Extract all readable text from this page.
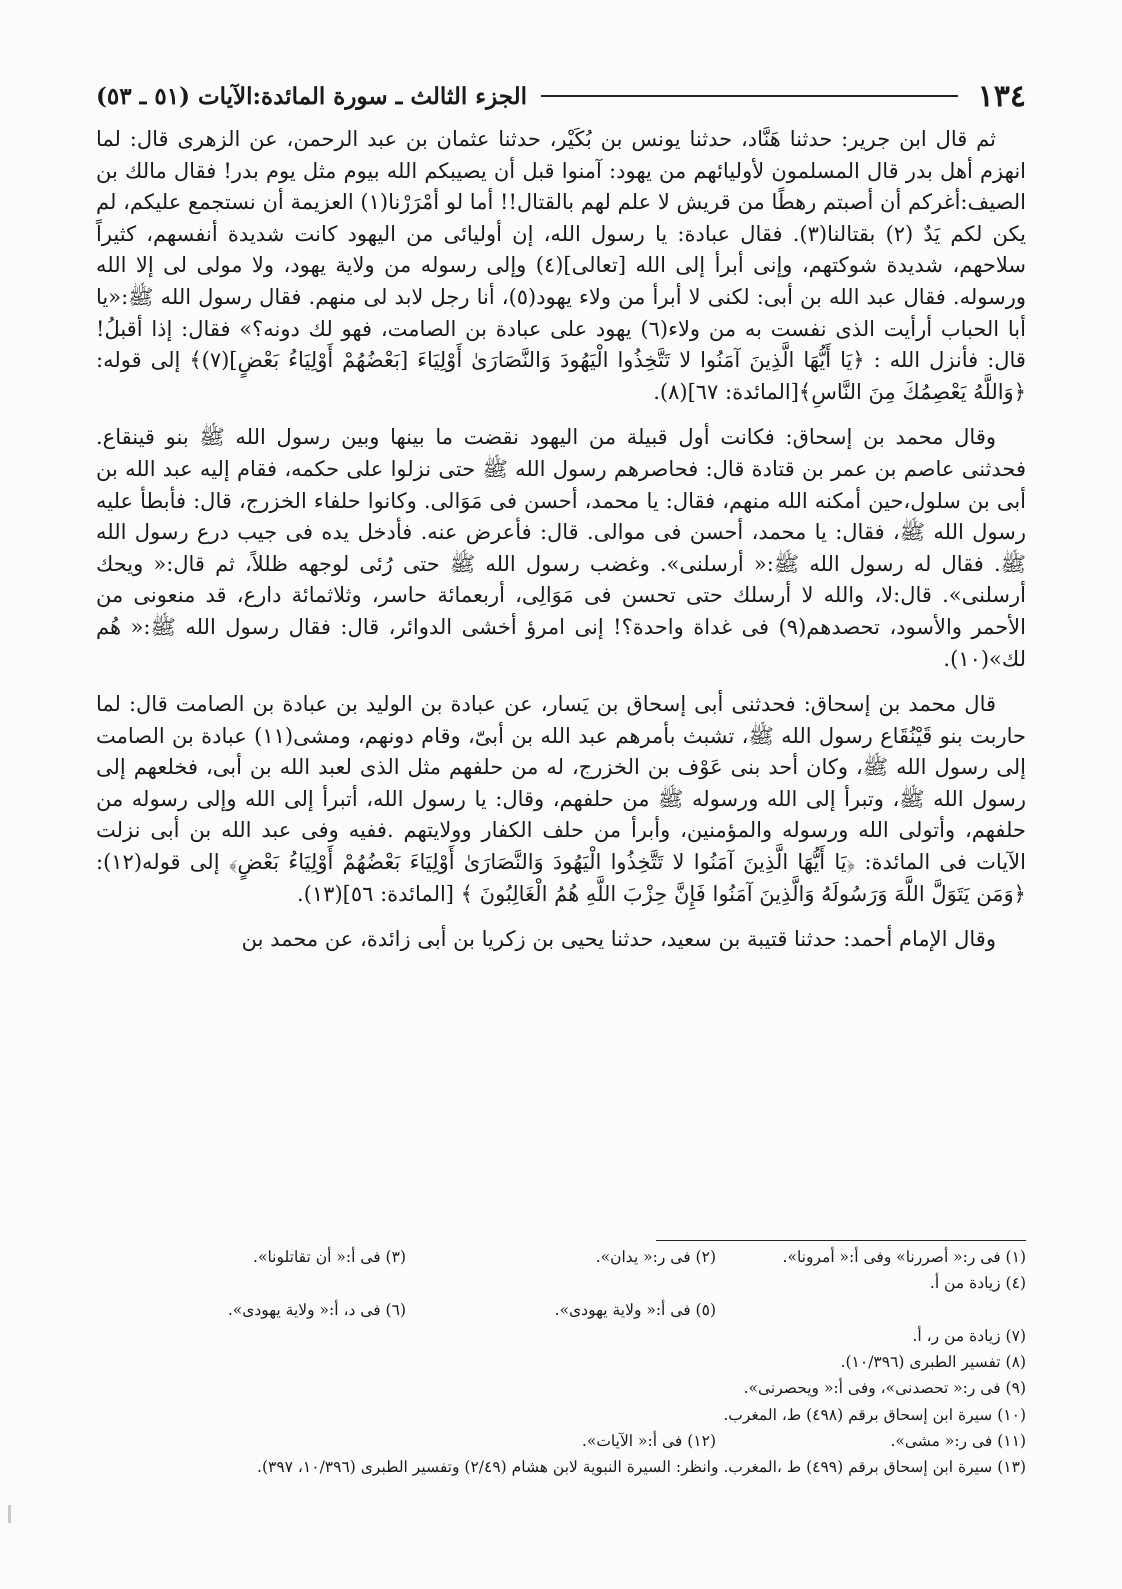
١٣٤
الجزء الثالث ـ سورة المائدة:الآيات (٥١ ـ ٥٣)

ثم قال ابن جرير: حدثنا هَنَّاد، حدثنا يونس بن بُكَيْر، حدثنا عثمان بن عبد الرحمن، عن الزهرى قال: لما انهزم أهل بدر قال المسلمون لأوليائهم من يهود: آمنوا قبل أن يصيبكم الله بيوم مثل يوم بدر! فقال مالك بن الصيف:أغركم أن أصبتم رهطًا من قريش لا علم لهم بالقتال!! أما لو أمْرَرْنا(١) العزيمة أن نستجمع عليكم، لم يكن لكم يَدٌ (٢) بقتالنا(٣). فقال عبادة: يا رسول الله، إن أوليائى من اليهود كانت شديدة أنفسهم، كثيراً سلاحهم، شديدة شوكتهم، وإنى أبرأ إلى الله [تعالى](٤) وإلى رسوله من ولاية يهود، ولا مولى لى إلا الله ورسوله. فقال عبد الله بن أبى: لكنى لا أبرأ من ولاء يهود(٥)، أنا رجل لابد لى منهم. فقال رسول الله ﷺ:«يا أبا الحباب أرأيت الذى نفست به من ولاء(٦) يهود على عبادة بن الصامت، فهو لك دونه؟» فقال: إذا أقبلُ! قال: فأنزل الله : ﴿يَا أَيُّهَا الَّذِينَ آمَنُوا لا تَتَّخِذُوا الْيَهُودَ وَالنَّصَارَىٰ أَوْلِيَاءَ [بَعْضُهُمْ أَوْلِيَاءُ بَعْضٍ](٧)﴾ إلى قوله: ﴿وَاللَّهُ يَعْصِمُكَ مِنَ النَّاسِ﴾[المائدة: ٦٧](٨).

وقال محمد بن إسحاق: فكانت أول قبيلة من اليهود نقضت ما بينها وبين رسول الله ﷺ بنو قينقاع. فحدثنى عاصم بن عمر بن قتادة قال: فحاصرهم رسول الله ﷺ حتى نزلوا على حكمه، فقام إليه عبد الله بن أبى بن سلول،حين أمكنه الله منهم، فقال: يا محمد، أحسن فى مَوَالى. وكانوا حلفاء الخزرج، قال: فأبطأ عليه رسول الله ﷺ، فقال: يا محمد، أحسن فى موالى. قال: فأعرض عنه. فأدخل يده فى جيب درع رسول الله ﷺ. فقال له رسول الله ﷺ:« أرسلنى». وغضب رسول الله ﷺ حتى رُئى لوجهه ظللاً، ثم قال:« ويحك أرسلنى». قال:لا، والله لا أرسلك حتى تحسن فى مَوَالِى، أربعمائة حاسر، وثلاثمائة دارع، قد منعونى من الأحمر والأسود، تحصدهم(٩) فى غداة واحدة؟! إنى امرؤ أخشى الدوائر، قال: فقال رسول الله ﷺ:« هُم لك»(١٠).

قال محمد بن إسحاق: فحدثنى أبى إسحاق بن يَسار، عن عبادة بن الوليد بن عبادة بن الصامت قال: لما حاربت بنو قَيْنُقَاع رسول الله ﷺ، تشبث بأمرهم عبد الله بن أبىّ، وقام دونهم، ومشى(١١) عبادة بن الصامت إلى رسول الله ﷺ، وكان أحد بنى عَوْف بن الخزرج، له من حلفهم مثل الذى لعبد الله بن أبى، فخلعهم إلى رسول الله ﷺ، وتبرأ إلى الله ورسوله ﷺ من حلفهم، وقال: يا رسول الله، أتبرأ إلى الله وإلى رسوله من حلفهم، وأتولى الله ورسوله والمؤمنين، وأبرأ من حلف الكفار وولايتهم .ففيه وفى عبد الله بن أبى نزلت الآيات فى المائدة: ﴿يَا أَيُّهَا الَّذِينَ آمَنُوا لا تَتَّخِذُوا الْيَهُودَ وَالنَّصَارَىٰ أَوْلِيَاءَ بَعْضُهُمْ أَوْلِيَاءُ بَعْضٍ﴾ إلى قوله(١٢): ﴿وَمَن يَتَوَلَّ اللَّهَ وَرَسُولَهُ وَالَّذِينَ آمَنُوا فَإِنَّ حِزْبَ اللَّهِ هُمُ الْغَالِبُونَ ﴾ [المائدة: ٥٦](١٣).

وقال الإمام أحمد: حدثنا قتيبة بن سعيد، حدثنا يحيى بن زكريا بن أبى زائدة، عن محمد بن

(١) فى ر:« أصررنا» وفى أ:« أمرونا».
(٢) فى ر:« يدان».
(٣) فى أ:« أن تقاتلونا».
(٤) زيادة من أ.
(٥) فى أ:« ولاية يهودى».
(٦) فى د، أ:« ولاية يهودى».
(٧) زيادة من ر، أ.
(٨) تفسير الطبرى (١٠/٣٩٦).
(٩) فى ر:« تحصدنى»، وفى أ:« ويحصرنى».
(١٠) سيرة ابن إسحاق برقم (٤٩٨) ط، المغرب.
(١١) فى ر:« مشى».
(١٢) فى أ:« الآيات».
(١٣) سيرة ابن إسحاق برقم (٤٩٩) ط ،المغرب. وانظر: السيرة النبوية لابن هشام (٢/٤٩) وتفسير الطبرى (١٠/٣٩٦، ٣٩٧).
